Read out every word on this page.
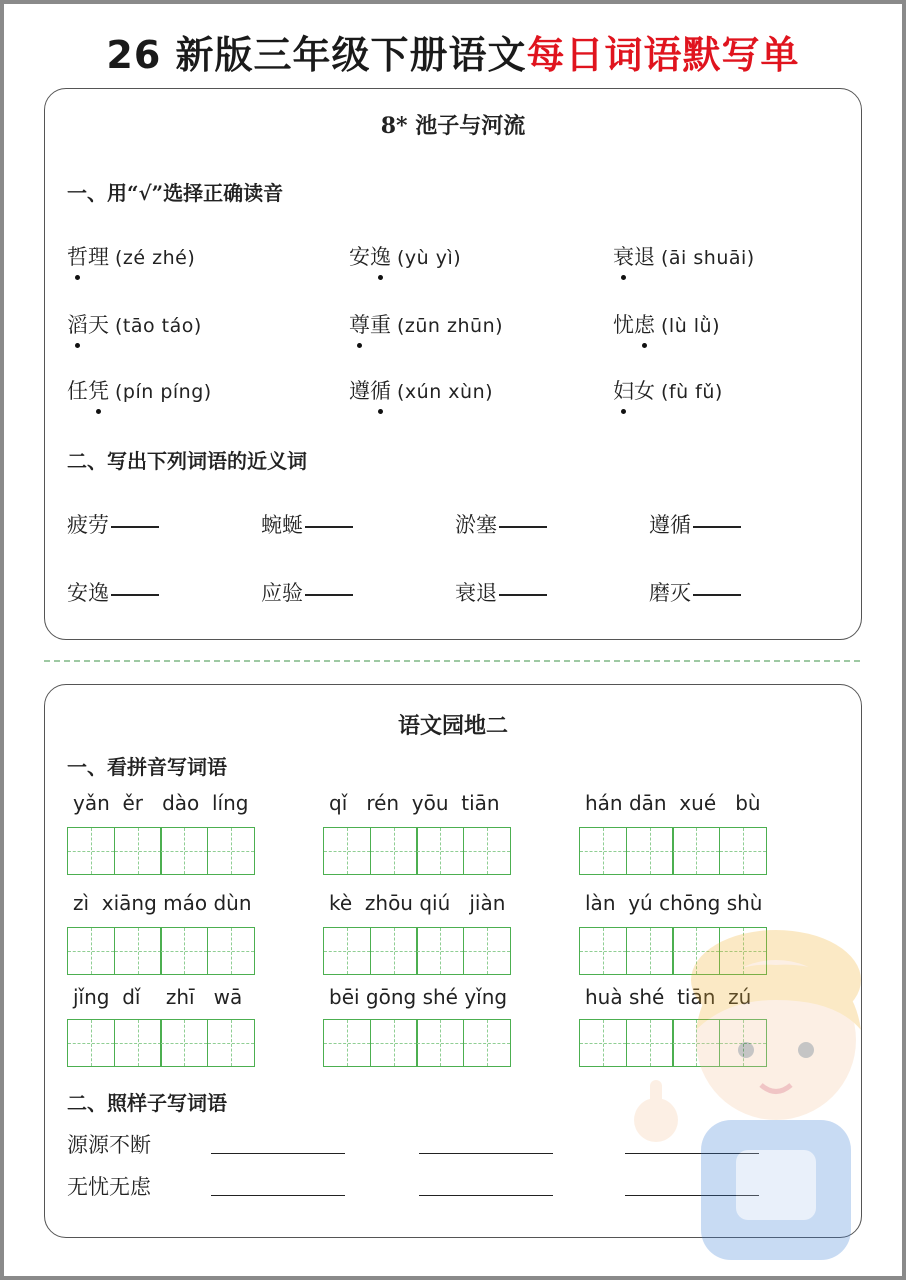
26 新版三年级下册语文每日词语默写单
8* 池子与河流
一、用“√”选择正确读音
哲理 (zé zhé)	安逸 (yù yì)	衰退 (āi shuāi)
滔天 (tāo táo)	尊重 (zūn zhūn)	忧虑 (lù lǜ)
任凭 (pín píng)	遵循 (xún xùn)	妇女 (fù fǔ)
二、写出下列词语的近义词
疲劳	蜿蜒	淤塞	遵循
安逸	应验	衰退	磨灭
语文园地二
一、看拼音写词语
yǎn  ěr   dào  líng	qǐ   rén  yōu  tiān	hán dān  xué   bù
zì  xiāng máo dùn	kè  zhōu qiú   jiàn	làn  yú chōng shù
jǐng  dǐ    zhī   wā	bēi gōng shé yǐng	huà shé  tiān  zú
二、照样子写词语
源源不断
无忧无虑
